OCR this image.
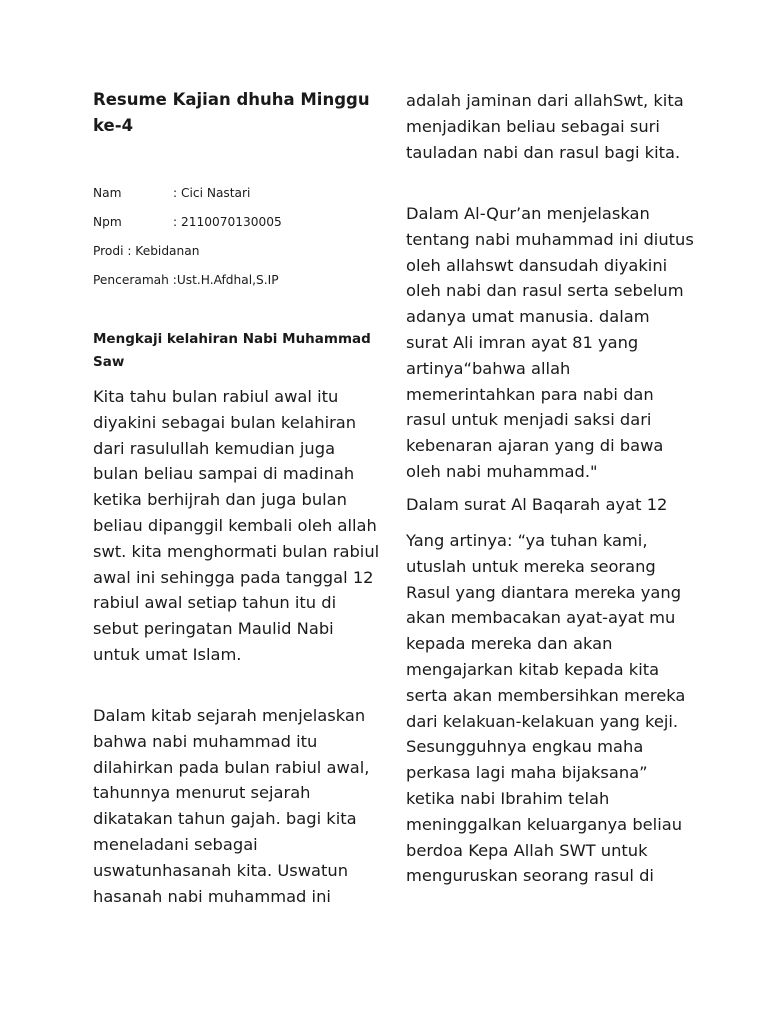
Resume Kajian dhuha Minggu ke-4
Nam	: Cici Nastari
Npm	: 2110070130005
Prodi : Kebidanan
Penceramah :Ust.H.Afdhal,S.IP
Mengkaji kelahiran Nabi Muhammad Saw

Kita tahu bulan rabiul awal itu diyakini sebagai bulan kelahiran dari rasulullah kemudian juga bulan beliau sampai di madinah ketika berhijrah dan juga bulan beliau dipanggil kembali oleh allah swt. kita menghormati bulan rabiul awal ini sehingga pada tanggal 12 rabiul awal setiap tahun itu di sebut peringatan Maulid Nabi untuk umat Islam.

Dalam kitab sejarah menjelaskan bahwa nabi muhammad itu dilahirkan pada bulan rabiul awal, tahunnya menurut sejarah dikatakan tahun gajah. bagi kita meneladani sebagai uswatunhasanah kita. Uswatun hasanah nabi muhammad ini

adalah jaminan dari allahSwt, kita menjadikan beliau sebagai suri tauladan nabi dan rasul bagi kita.

Dalam Al-Qur’an menjelaskan tentang nabi muhammad ini diutus oleh allahswt dansudah diyakini oleh nabi dan rasul serta sebelum adanya umat manusia. dalam surat Ali imran ayat 81 yang artinya“bahwa allah memerintahkan para nabi dan rasul untuk menjadi saksi dari kebenaran ajaran yang di bawa oleh nabi muhammad."

Dalam surat Al Baqarah ayat 12

Yang artinya: “ya tuhan kami, utuslah untuk mereka seorang Rasul yang diantara mereka yang akan membacakan ayat-ayat mu kepada mereka dan akan mengajarkan kitab kepada kita serta akan membersihkan mereka dari kelakuan-kelakuan yang keji. Sesungguhnya engkau maha perkasa lagi maha bijaksana” ketika nabi Ibrahim telah meninggalkan keluarganya beliau berdoa Kepa Allah SWT untuk menguruskan seorang rasul di
